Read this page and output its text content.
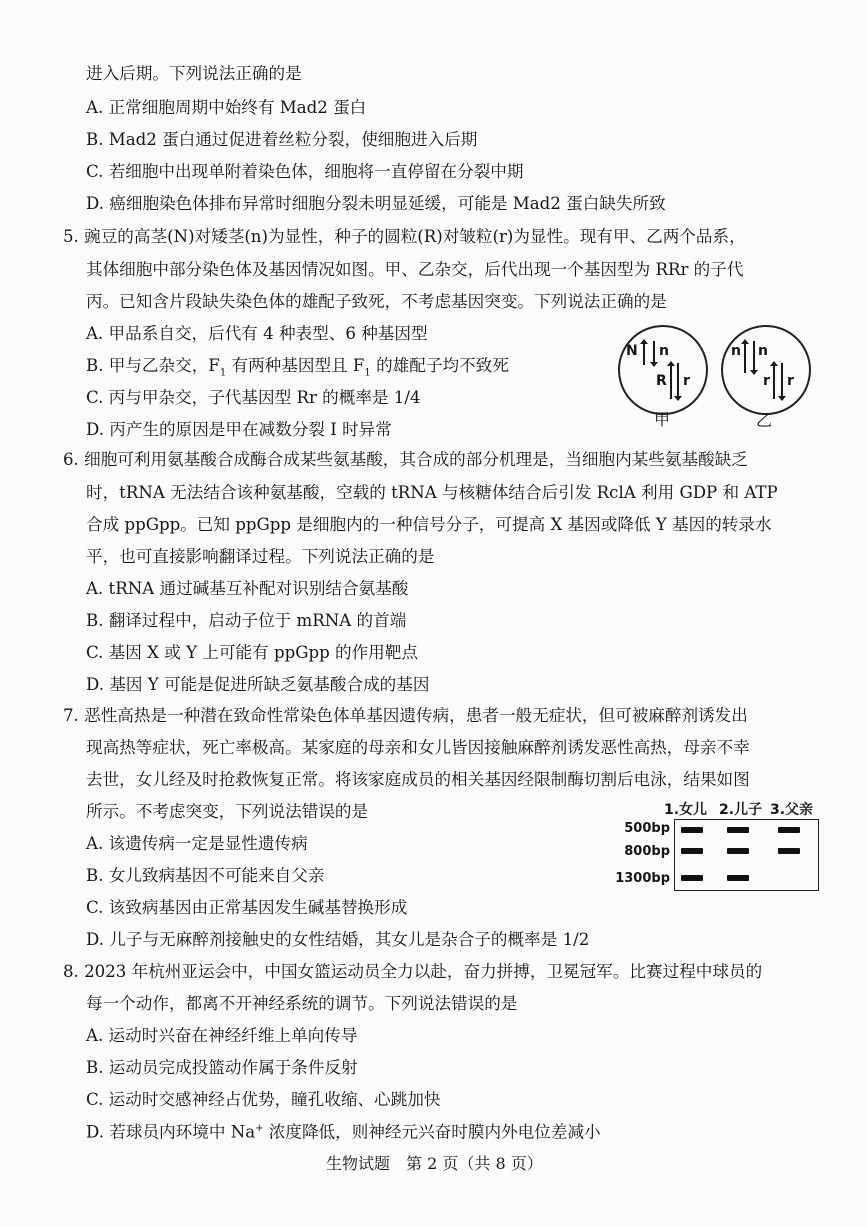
进入后期。下列说法正确的是
A. 正常细胞周期中始终有 Mad2 蛋白
B. Mad2 蛋白通过促进着丝粒分裂，使细胞进入后期
C. 若细胞中出现单附着染色体，细胞将一直停留在分裂中期
D. 癌细胞染色体排布异常时细胞分裂未明显延缓，可能是 Mad2 蛋白缺失所致
5. 豌豆的高茎(N)对矮茎(n)为显性，种子的圆粒(R)对皱粒(r)为显性。现有甲、乙两个品系，
其体细胞中部分染色体及基因情况如图。甲、乙杂交，后代出现一个基因型为 RRr 的子代
丙。已知含片段缺失染色体的雄配子致死，不考虑基因突变。下列说法正确的是
A. 甲品系自交，后代有 4 种表型、6 种基因型
B. 甲与乙杂交，$F_1$ 有两种基因型且 $F_1$ 的雄配子均不致死
C. 丙与甲杂交，子代基因型 Rr 的概率是 1/4
D. 丙产生的原因是甲在减数分裂 Ⅰ 时异常
N n
R r
甲
n n
r r
乙
6. 细胞可利用氨基酸合成酶合成某些氨基酸，其合成的部分机理是，当细胞内某些氨基酸缺乏
时，tRNA 无法结合该种氨基酸，空载的 tRNA 与核糖体结合后引发 RclA 利用 GDP 和 ATP
合成 ppGpp。已知 ppGpp 是细胞内的一种信号分子，可提高 X 基因或降低 Y 基因的转录水
平，也可直接影响翻译过程。下列说法正确的是
A. tRNA 通过碱基互补配对识别结合氨基酸
B. 翻译过程中，启动子位于 mRNA 的首端
C. 基因 X 或 Y 上可能有 ppGpp 的作用靶点
D. 基因 Y 可能是促进所缺乏氨基酸合成的基因
7. 恶性高热是一种潜在致命性常染色体单基因遗传病，患者一般无症状，但可被麻醉剂诱发出
现高热等症状，死亡率极高。某家庭的母亲和女儿皆因接触麻醉剂诱发恶性高热，母亲不幸
去世，女儿经及时抢救恢复正常。将该家庭成员的相关基因经限制酶切割后电泳，结果如图
所示。不考虑突变，下列说法错误的是
A. 该遗传病一定是显性遗传病
B. 女儿致病基因不可能来自父亲
C. 该致病基因由正常基因发生碱基替换形成
D. 儿子与无麻醉剂接触史的女性结婚，其女儿是杂合子的概率是 1/2
1.女儿 2.儿子 3.父亲
500bp
800bp
1300bp
8. 2023 年杭州亚运会中，中国女篮运动员全力以赴，奋力拼搏，卫冕冠军。比赛过程中球员的
每一个动作，都离不开神经系统的调节。下列说法错误的是
A. 运动时兴奋在神经纤维上单向传导
B. 运动员完成投篮动作属于条件反射
C. 运动时交感神经占优势，瞳孔收缩、心跳加快
D. 若球员内环境中 Na+ 浓度降低，则神经元兴奋时膜内外电位差减小
生物试题　第 2 页（共 8 页）
